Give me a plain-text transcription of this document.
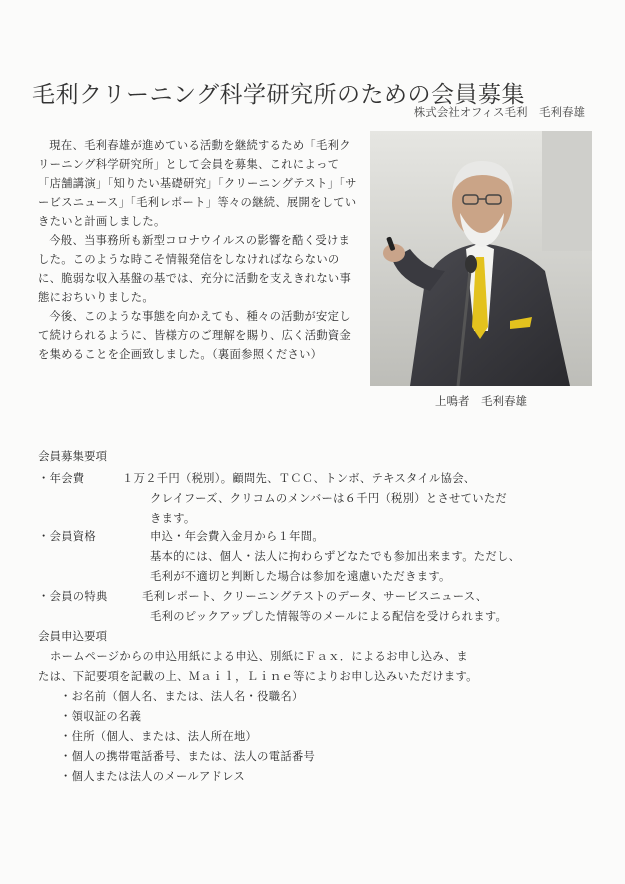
毛利クリーニング科学研究所のための会員募集
株式会社オフィス毛利　毛利春雄

現在、毛利春雄が進めている活動を継続するため「毛利クリーニング科学研究所」として会員を募集、これによって「店舗講演」「知りたい基礎研究」「クリーニングテスト」「サービスニュース」「毛利レポート」等々の継続、展開をしていきたいと計画しました。

今般、当事務所も新型コロナウイルスの影響を酷く受けました。このような時こそ情報発信をしなければならないのに、脆弱な収入基盤の基では、充分に活動を支えきれない事態におちいりました。

今後、このような事態を向かえても、種々の活動が安定して続けられるように、皆様方のご理解を賜り、広く活動資金を集めることを企画致しました。（裏面参照ください）

上鳴者　毛利春雄
会員募集要項
・年会費	１万２千円（税別）。顧問先、ＴＣＣ、トンボ、テキスタイル協会、
クレイフーズ、クリコムのメンバーは６千円（税別）とさせていただ
きます。
・会員資格	申込・年会費入金月から１年間。
基本的には、個人・法人に拘わらずどなたでも参加出来ます。ただし、
毛利が不適切と判断した場合は参加を遠慮いただきます。
・会員の特典	毛利レポート、クリーニングテストのデータ、サービスニュース、
毛利のピックアップした情報等のメールによる配信を受けられます。
会員申込要項
ホームページからの申込用紙による申込、別紙にＦａｘ．によるお申し込み、ま
たは、下記要項を記載の上、Ｍａｉｌ，Ｌｉｎｅ等によりお申し込みいただけます。
・お名前（個人名、または、法人名・役職名）
・領収証の名義
・住所（個人、または、法人所在地）
・個人の携帯電話番号、または、法人の電話番号
・個人または法人のメールアドレス
